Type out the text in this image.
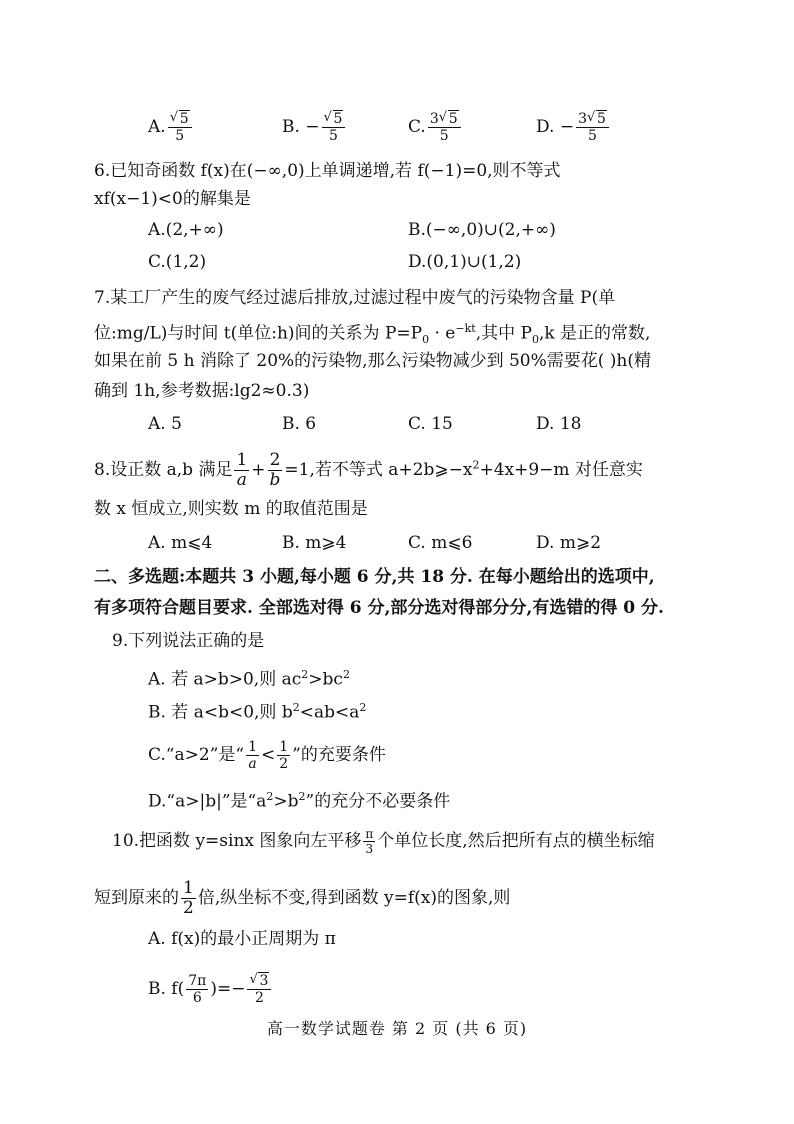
A. √ $\frac{5}{5}$	B. − √ $\frac{5}{5}$	C. $\frac{3 √ 5}{5}$	D. − $\frac{3 √ 5}{5}$
6.已知奇函数 f(x)在(−∞,0)上单调递增,若 f(−1)=0,则不等式
xf(x−1)<0的解集是
A.(2,+∞)	B.(−∞,0)∪(2,+∞)
C.(1,2)	D.(0,1)∪(1,2)
7.某工厂产生的废气经过滤后排放,过滤过程中废气的污染物含量 P(单
位:mg/L)与时间 t(单位:h)间的关系为 $P=P_0 \cdot e^{-kt}$,其中 $P_0,k$ 是正的常数,
如果在前 5 h 消除了 20%的污染物,那么污染物减少到 50%需要花( )h(精
确到 1h,参考数据:lg2≈0.3)
A. 5	B. 6	C. 15	D. 18
8.设正数 a,b 满足 $\frac{1}{a} + \frac{2}{b} =1$,若不等式 $a+2b⩾-x^2+4x+9-m$ 对任意实
数 x 恒成立,则实数 m 的取值范围是
A. m⩽4	B. m⩾4	C. m⩽6	D. m⩾2
二、多选题:本题共 3 小题,每小题 6 分,共 18 分. 在每小题给出的选项中,
有多项符合题目要求. 全部选对得 6 分,部分选对得部分分,有选错的得 0 分.
9.下列说法正确的是
A. 若 a>b>0,则 $ac^2>bc^2$
B. 若 a<b<0,则 $b^2<ab<a^2$
C.“a>2”是“ $\frac{1}{a} < \frac{1}{2}$ ”的充要条件
D.“a>|b|”是“$a^2>b^2$”的充分不必要条件
10.把函数 y=sinx 图象向左平移 $\frac{\pi}{3}$ 个单位长度,然后把所有点的横坐标缩
短到原来的 $\frac{1}{2}$ 倍,纵坐标不变,得到函数 y=f(x)的图象,则
A. f(x)的最小正周期为 π
B. $f( \frac{7\pi}{6}$ )=− √ $\frac{3}{2}$
高一数学试题卷 第 2 页 (共 6 页)
